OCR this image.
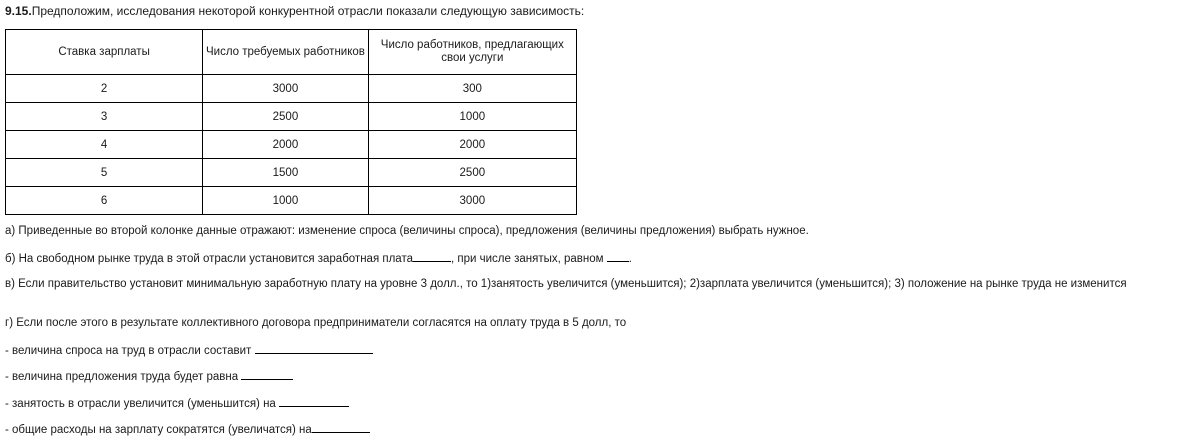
9.15.Предположим, исследования некоторой конкурентной отрасли показали следующую зависимость:
Ставка зарплаты	Число требуемых работников	Число работников, предлагающих свои услуги
2	3000	300
3	2500	1000
4	2000	2000
5	1500	2500
6	1000	3000
а) Приведенные во второй колонке данные отражают: изменение спроса (величины спроса), предложения (величины предложения) выбрать нужное.
б) На свободном рынке труда в этой отрасли установится заработная плата	, при числе занятых, равном .
в) Если правительство установит минимальную заработную плату на уровне 3 долл., то 1)занятость увеличится (уменьшится); 2)зарплата увеличится (уменьшится); 3) положение на рынке труда не изменится
г) Если после этого в результате коллективного договора предприниматели согласятся на оплату труда в 5 долл, то
- величина спроса на труд в отрасли составит
- величина предложения труда будет равна
- занятость в отрасли увеличится (уменьшится) на
- общие расходы на зарплату сократятся (увеличатся) на
